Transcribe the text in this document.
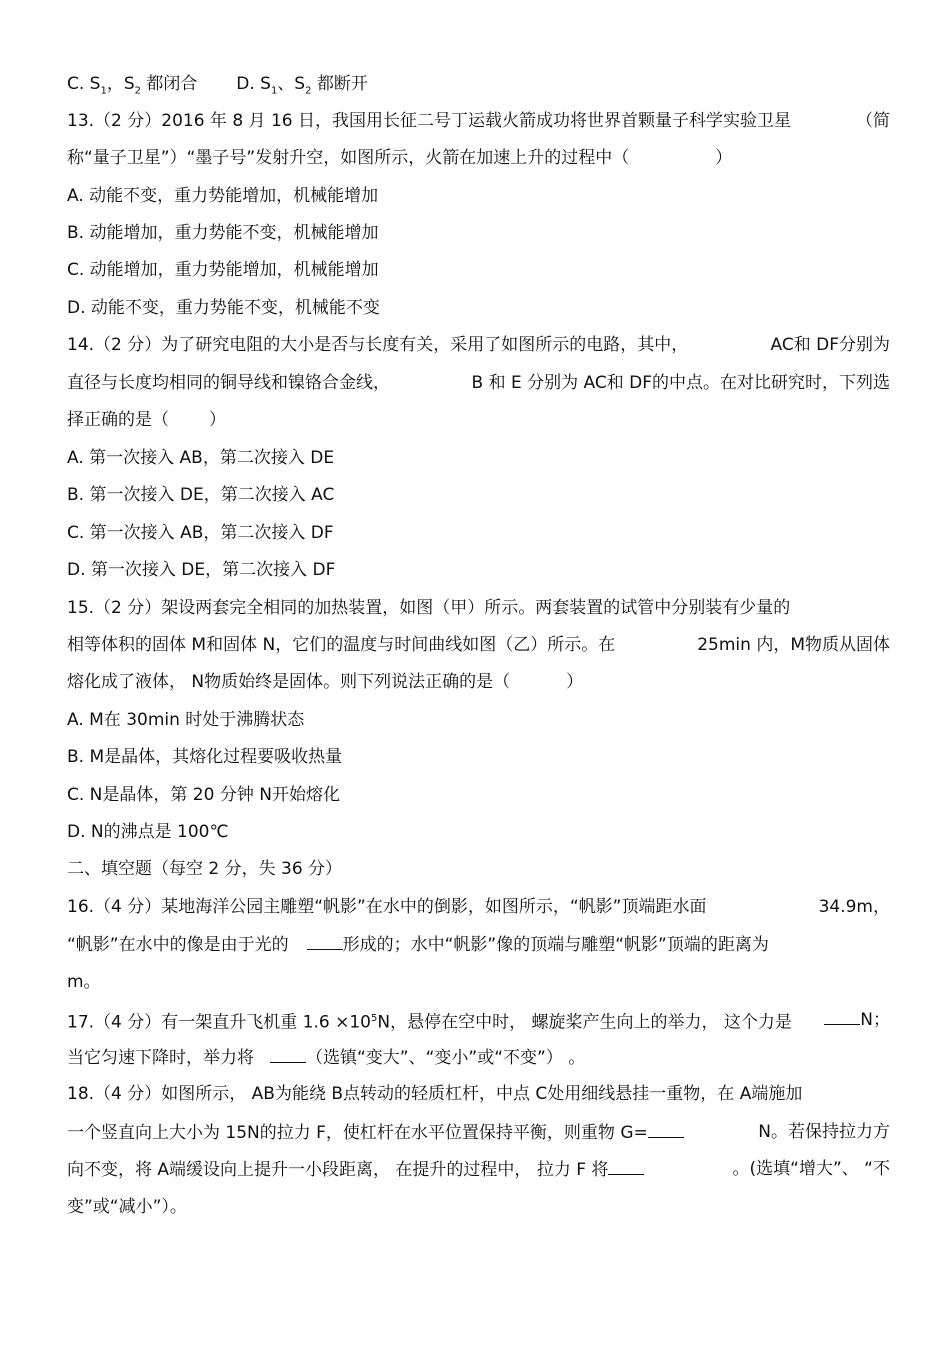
C. $S_1$，$S_2$ 都闭合 D. $S_1$、$S_2$ 都断开
13.（2 分）2016 年 8 月 16 日，我国用长征二号丁运载火箭成功将世界首颗量子科学实验卫星	（简
称“量子卫星”）“墨子号”发射升空，如图所示，火箭在加速上升的过程中（	）
A. 动能不变，重力势能增加，机械能增加
B. 动能增加，重力势能不变，机械能增加
C. 动能增加，重力势能增加，机械能增加
D. 动能不变，重力势能不变，机械能不变
14.（2 分）为了研究电阻的大小是否与长度有关，采用了如图所示的电路，其中，	AC和 DF分别为
直径与长度均相同的铜导线和镍铬合金线，	B 和 E 分别为 AC和 DF的中点。在对比研究时，下列选
择正确的是（ ）
A. 第一次接入 AB，第二次接入 DE
B. 第一次接入 DE，第二次接入 AC
C. 第一次接入 AB，第二次接入 DF
D. 第一次接入 DE，第二次接入 DF
15.（2 分）架设两套完全相同的加热装置，如图（甲）所示。两套装置的试管中分别装有少量的
相等体积的固体 M和固体 N，它们的温度与时间曲线如图（乙）所示。在	25min 内，M物质从固体
熔化成了液体， N物质始终是固体。则下列说法正确的是（	）
A. M在 30min 时处于沸腾状态
B. M是晶体，其熔化过程要吸收热量
C. N是晶体，第 20 分钟 N开始熔化
D. N的沸点是 100℃
二、填空题（每空 2 分，失 36 分）
16.（4 分）某地海洋公园主雕塑“帆影”在水中的倒影，如图所示，“帆影”顶端距水面	34.9m，
“帆影”在水中的像是由于光的	形成的；水中“帆影”像的顶端与雕塑“帆影”顶端的距离为
m。
17.（4 分）有一架直升飞机重 $1.6 \times 10^5N$，悬停在空中时， 螺旋桨产生向上的举力， 这个力是	N；
当它匀速下降时，举力将	（选镇“变大”、“变小”或“不变”） 。
18.（4 分）如图所示， AB为能绕 B点转动的轻质杠杆，中点 C处用细线悬挂一重物，在 A端施加
一个竖直向上大小为 15N的拉力 F，使杠杆在水平位置保持平衡，则重物 G=	N。若保持拉力方
向不变，将 A端缓设向上提升一小段距离， 在提升的过程中， 拉力 F 将	。(选填“增大”、 “不
变”或“减小”）。
